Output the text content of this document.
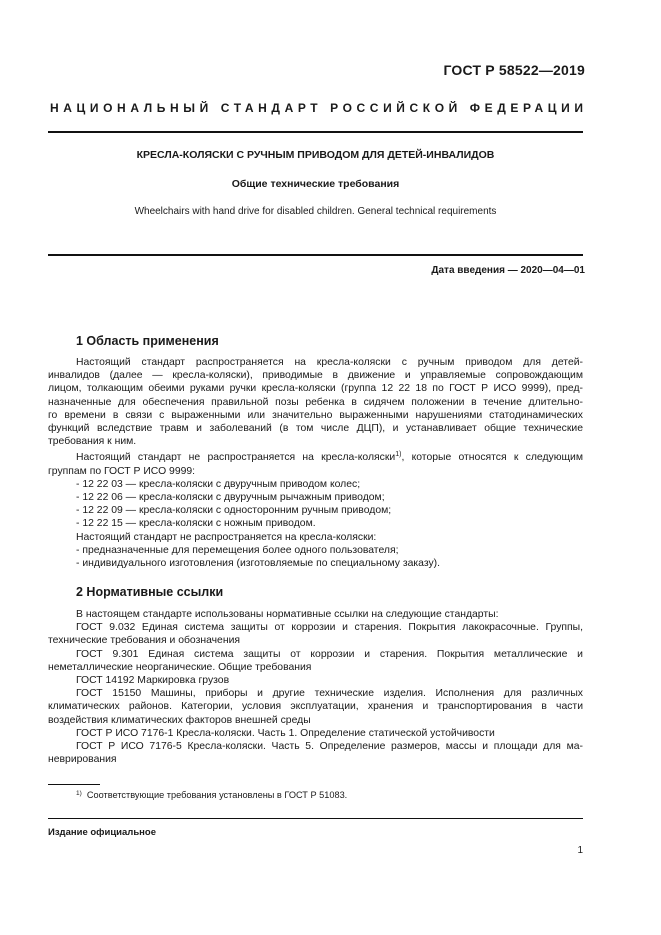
ГОСТ Р 58522—2019
НАЦИОНАЛЬНЫЙ СТАНДАРТ РОССИЙСКОЙ ФЕДЕРАЦИИ
КРЕСЛА-КОЛЯСКИ С РУЧНЫМ ПРИВОДОМ ДЛЯ ДЕТЕЙ-ИНВАЛИДОВ
Общие технические требования
Wheelchairs with hand drive for disabled children. General technical requirements
Дата введения — 2020—04—01
1 Область применения
Настоящий стандарт распространяется на кресла-коляски с ручным приводом для детей-
инвалидов (далее — кресла-коляски), приводимые в движение и управляемые сопровождающим
лицом, толкающим обеими руками ручки кресла-коляски (группа 12 22 18 по ГОСТ Р ИСО 9999), пред-
назначенные для обеспечения правильной позы ребенка в сидячем положении в течение длительно-
го времени в связи с выраженными или значительно выраженными нарушениями статодинамических
функций вследствие травм и заболеваний (в том числе ДЦП), и устанавливает общие технические
требования к ним.
Настоящий стандарт не распространяется на кресла-коляски$^{1)}$, которые относятся к следующим
группам по ГОСТ Р ИСО 9999:
- 12 22 03 — кресла-коляски с двуручным приводом колес;
- 12 22 06 — кресла-коляски с двуручным рычажным приводом;
- 12 22 09 — кресла-коляски с односторонним ручным приводом;
- 12 22 15 — кресла-коляски с ножным приводом.
Настоящий стандарт не распространяется на кресла-коляски:
- предназначенные для перемещения более одного пользователя;
- индивидуального изготовления (изготовляемые по специальному заказу).
2 Нормативные ссылки
В настоящем стандарте использованы нормативные ссылки на следующие стандарты:
ГОСТ 9.032 Единая система защиты от коррозии и старения. Покрытия лакокрасочные. Группы,
технические требования и обозначения
ГОСТ 9.301 Единая система защиты от коррозии и старения. Покрытия металлические и
неметаллические неорганические. Общие требования
ГОСТ 14192 Маркировка грузов
ГОСТ 15150 Машины, приборы и другие технические изделия. Исполнения для различных
климатических районов. Категории, условия эксплуатации, хранения и транспортирования в части
воздействия климатических факторов внешней среды
ГОСТ Р ИСО 7176-1 Кресла-коляски. Часть 1. Определение статической устойчивости
ГОСТ Р ИСО 7176-5 Кресла-коляски. Часть 5. Определение размеров, массы и площади для ма-
неврирования
$^{1)}$ Соответствующие требования установлены в ГОСТ Р 51083.
Издание официальное
1
